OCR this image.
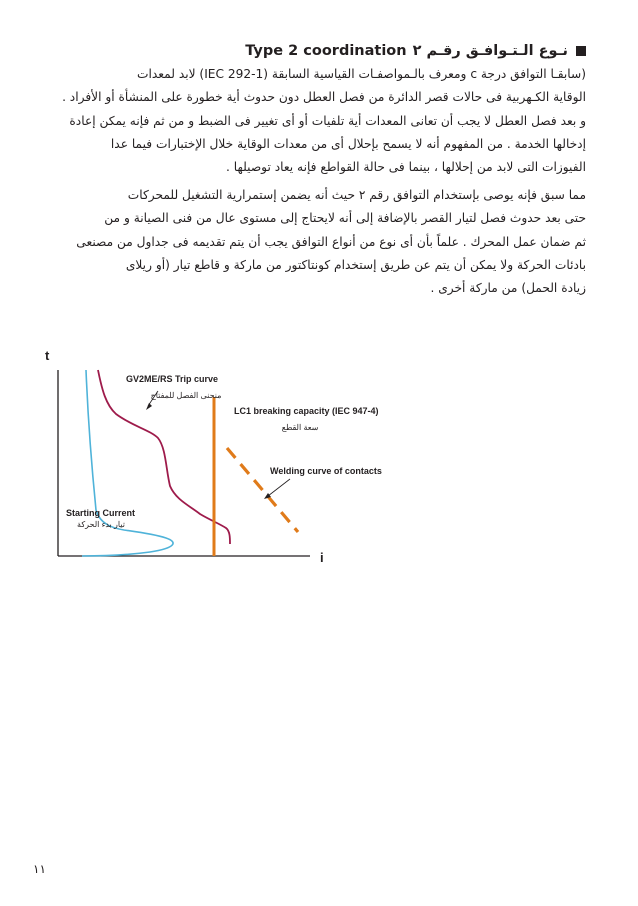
نـوع الـتـوافـق رقـم ٢
Type 2 coordination
(سابقـا التوافق درجة c ومعرف بالـمواصفـات القياسية السابقة (IEC 292-1) لابد لمعدات
الوقاية الكـهربية فى حالات قصر الدائرة من فصل العطل دون حدوث أية خطورة على المنشأة أو الأفراد .
و بعد فصل العطل لا يجب أن تعانى المعدات أية تلفيات أو أى تغيير فى الضبط و من ثم فإنه يمكن إعادة
إدخالها الخدمة . من المفهوم أنه لا يسمح بإحلال أى من معدات الوقاية خلال الإختبارات فيما عدا
الفيوزات التى لابد من إحلالها ، بينما فى حالة القواطع فإنه يعاد توصيلها .
مما سبق فإنه يوصى بإستخدام التوافق رقم ٢ حيث أنه يضمن إستمرارية التشغيل للمحركات
حتى بعد حدوث فصل لتيار القصر بالإضافة إلى أنه لايحتاج إلى مستوى عال من فنى الصيانة و من
ثم ضمان عمل المحرك . علماً بأن أى نوع من أنواع التوافق يجب أن يتم تقديمه فى جداول من مصنعى
بادئات الحركة ولا يمكن أن يتم عن طريق إستخدام كونتاكتور من ماركة و قاطع تيار (أو ريلاى
زيادة الحمل) من ماركة أخرى .
t
i
GV2ME/RS Trip curve
منحنى الفصل للمفتاح
LC1 breaking capacity (IEC 947-4)
سعة القطع
Welding curve of contacts
Starting Current
تيار بدء الحركة
١١
